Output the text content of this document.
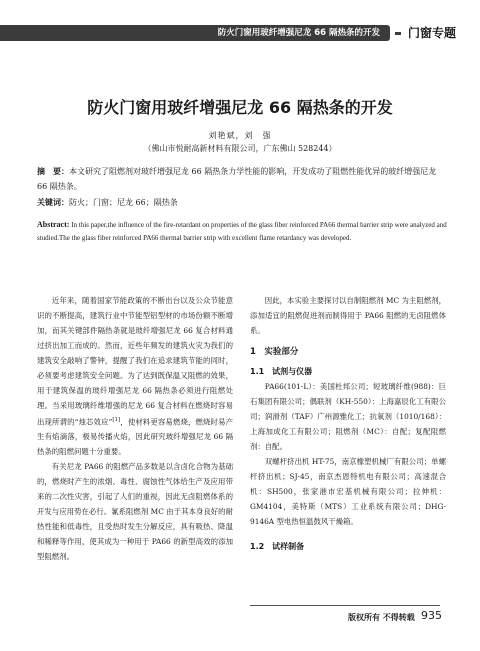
防火门窗用玻纤增强尼龙 66 隔热条的开发 门窗专题
防火门窗用玻纤增强尼龙 66 隔热条的开发
刘艳斌，刘　强
（佛山市悦耐高新材料有限公司，广东佛山 528244）
摘　要：本文研究了阻燃剂对玻纤增强尼龙 66 隔热条力学性能的影响，开发成功了阻燃性能优异的玻纤增强尼龙 66 隔热条。
关键词：防火；门窗；尼龙 66；隔热条
Abstract: In this paper,the influence of the fire-retardant on properties of the glass fiber reinforced PA66 thermal barrier strip were analyzed and studied.The the glass fiber reinforced PA66 thermal barrier strip with excellent flame retardancy was developed.

近年来，随着国家节能政策的不断出台以及公众节能意识的不断提高，建筑行业中节能型铝型材的市场份额不断增加，而其关键部件隔热条就是玻纤增强尼龙 66 复合材料通过挤出加工而成的。然而，近些年频发的建筑火灾为我们的建筑安全敲响了警钟，提醒了我们在追求建筑节能的同时，必须要考虑建筑安全问题。为了达到既保温又阻燃的效果，用于建筑保温的玻纤增强尼龙 66 隔热条必须进行阻燃处理。当采用玻璃纤维增强的尼龙 66 复合材料在燃烧时容易出现所谓的“烛芯效应”[1]，使材料更容易燃烧，燃烧时易产生有焰滴落，极易传播火焰，因此研究玻纤增强尼龙 66 隔热条的阻燃问题十分重要。

有关尼龙 PA66 的阻燃产品多数是以含卤化合物为基础的，燃烧时产生的浓烟、毒性、腐蚀性气体给生产及应用带来的二次性灾害，引起了人们的重视，因此无卤阻燃体系的开发与应用势在必行。氰系阻燃剂 MC 由于其本身良好的耐热性能和低毒性，且受热时发生分解反应，具有吸热、降温和稀释等作用，使其成为一种用于 PA66 的新型高效的添加型阻燃剂。

因此，本实验主要探讨以自制阻燃剂 MC 为主阻燃剂，添加适宜的阻燃促进剂而制得用于 PA66 阻燃的无卤阻燃体系。

1　实验部分
1.1　试剂与仪器

PA66(101-L）：美国杜邦公司；短玻璃纤维(988)：巨石集团有限公司；偶联剂（KH-550）：上海嘉辰化工有限公司；润滑剂（TAF）广州源雅化工；抗氧剂（1010/168）：上海加成化工有限公司；阻燃剂（MC）：自配；复配阻燃剂：自配。

双螺杆挤出机 HT-75，南京橡塑机械厂有限公司；单螺杆挤出机；SJ-45，南京杰恩特机电有限公司；高速混合机：SH500，张家港市宏基机械有限公司；拉伸机：GM4104，美特斯（MTS）工业系统有限公司；DHG-9146A 型电热恒温鼓风干燥箱。

1.2　试样制备
版权所有 不得转载 935
